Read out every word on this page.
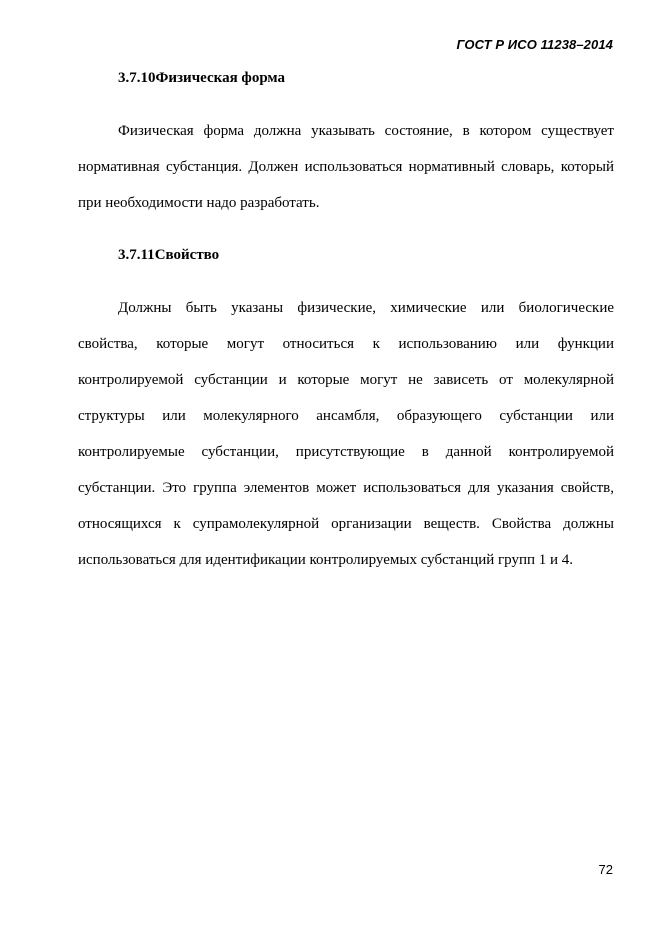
ГОСТ Р ИСО 11238–2014
3.7.10Физическая форма

Физическая форма должна указывать состояние, в котором существует нормативная субстанция. Должен использоваться нормативный словарь, который при необходимости надо разработать.

3.7.11Свойство

Должны быть указаны физические, химические или биологические свойства, которые могут относиться к использованию или функции контролируемой субстанции и которые могут не зависеть от молекулярной структуры или молекулярного ансамбля, образующего субстанции или контролируемые субстанции, присутствующие в данной контролируемой субстанции. Это группа элементов может использоваться для указания свойств, относящихся к супрамолекулярной организации веществ. Свойства должны использоваться для идентификации контролируемых субстанций групп 1 и 4.

72
